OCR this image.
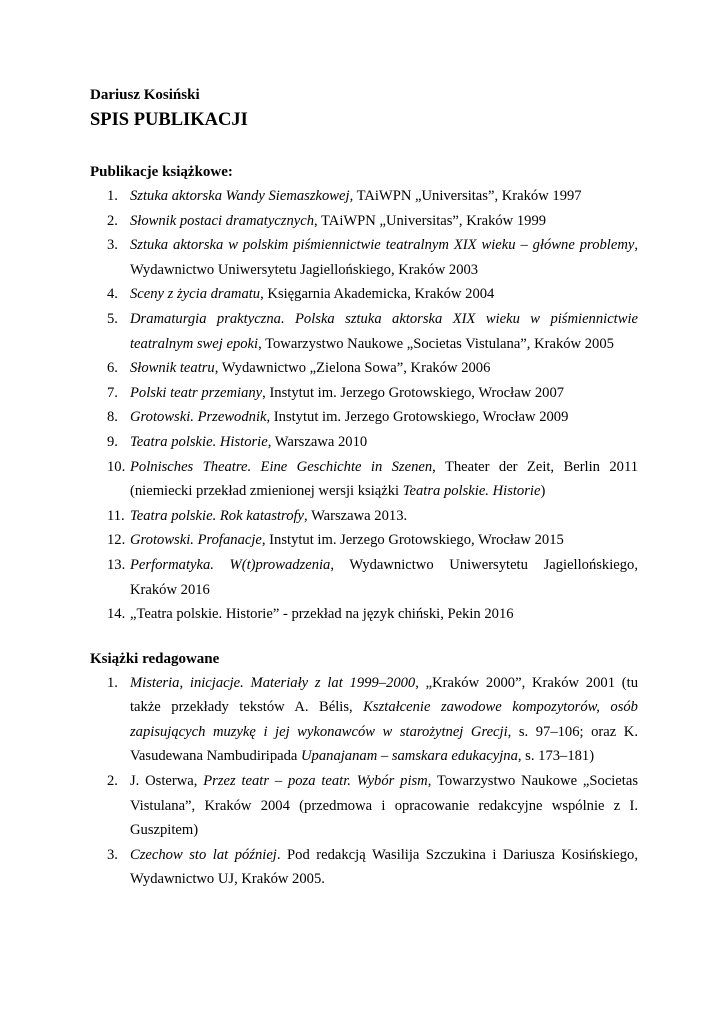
Dariusz Kosiński

SPIS PUBLIKACJI

Publikacje książkowe:

1. Sztuka aktorska Wandy Siemaszkowej, TAiWPN „Universitas”, Kraków 1997
2. Słownik postaci dramatycznych, TAiWPN „Universitas”, Kraków 1999
3. Sztuka aktorska w polskim piśmiennictwie teatralnym XIX wieku – główne problemy, Wydawnictwo Uniwersytetu Jagiellońskiego, Kraków 2003
4. Sceny z życia dramatu, Księgarnia Akademicka, Kraków 2004
5. Dramaturgia praktyczna. Polska sztuka aktorska XIX wieku w piśmiennictwie teatralnym swej epoki, Towarzystwo Naukowe „Societas Vistulana”, Kraków 2005
6. Słownik teatru, Wydawnictwo „Zielona Sowa”, Kraków 2006
7. Polski teatr przemiany, Instytut im. Jerzego Grotowskiego, Wrocław 2007
8. Grotowski. Przewodnik, Instytut im. Jerzego Grotowskiego, Wrocław 2009
9. Teatra polskie. Historie, Warszawa 2010
10. Polnisches Theatre. Eine Geschichte in Szenen, Theater der Zeit, Berlin 2011 (niemiecki przekład zmienionej wersji książki Teatra polskie. Historie)
11. Teatra polskie. Rok katastrofy, Warszawa 2013.
12. Grotowski. Profanacje, Instytut im. Jerzego Grotowskiego, Wrocław 2015
13. Performatyka. W(t)prowadzenia, Wydawnictwo Uniwersytetu Jagiellońskiego, Kraków 2016
14. „Teatra polskie. Historie” - przekład na język chiński, Pekin 2016

Książki redagowane

1. Misteria, inicjacje. Materiały z lat 1999–2000, „Kraków 2000”, Kraków 2001 (tu także przekłady tekstów A. Bélis, Kształcenie zawodowe kompozytorów, osób zapisujących muzykę i jej wykonawców w starożytnej Grecji, s. 97–106; oraz K. Vasudewana Nambudiripada Upanajanam – samskara edukacyjna, s. 173–181)
2. J. Osterwa, Przez teatr – poza teatr. Wybór pism, Towarzystwo Naukowe „Societas Vistulana”, Kraków 2004 (przedmowa i opracowanie redakcyjne wspólnie z I. Guszpitem)
3. Czechow sto lat później. Pod redakcją Wasilija Szczukina i Dariusza Kosińskiego, Wydawnictwo UJ, Kraków 2005.
